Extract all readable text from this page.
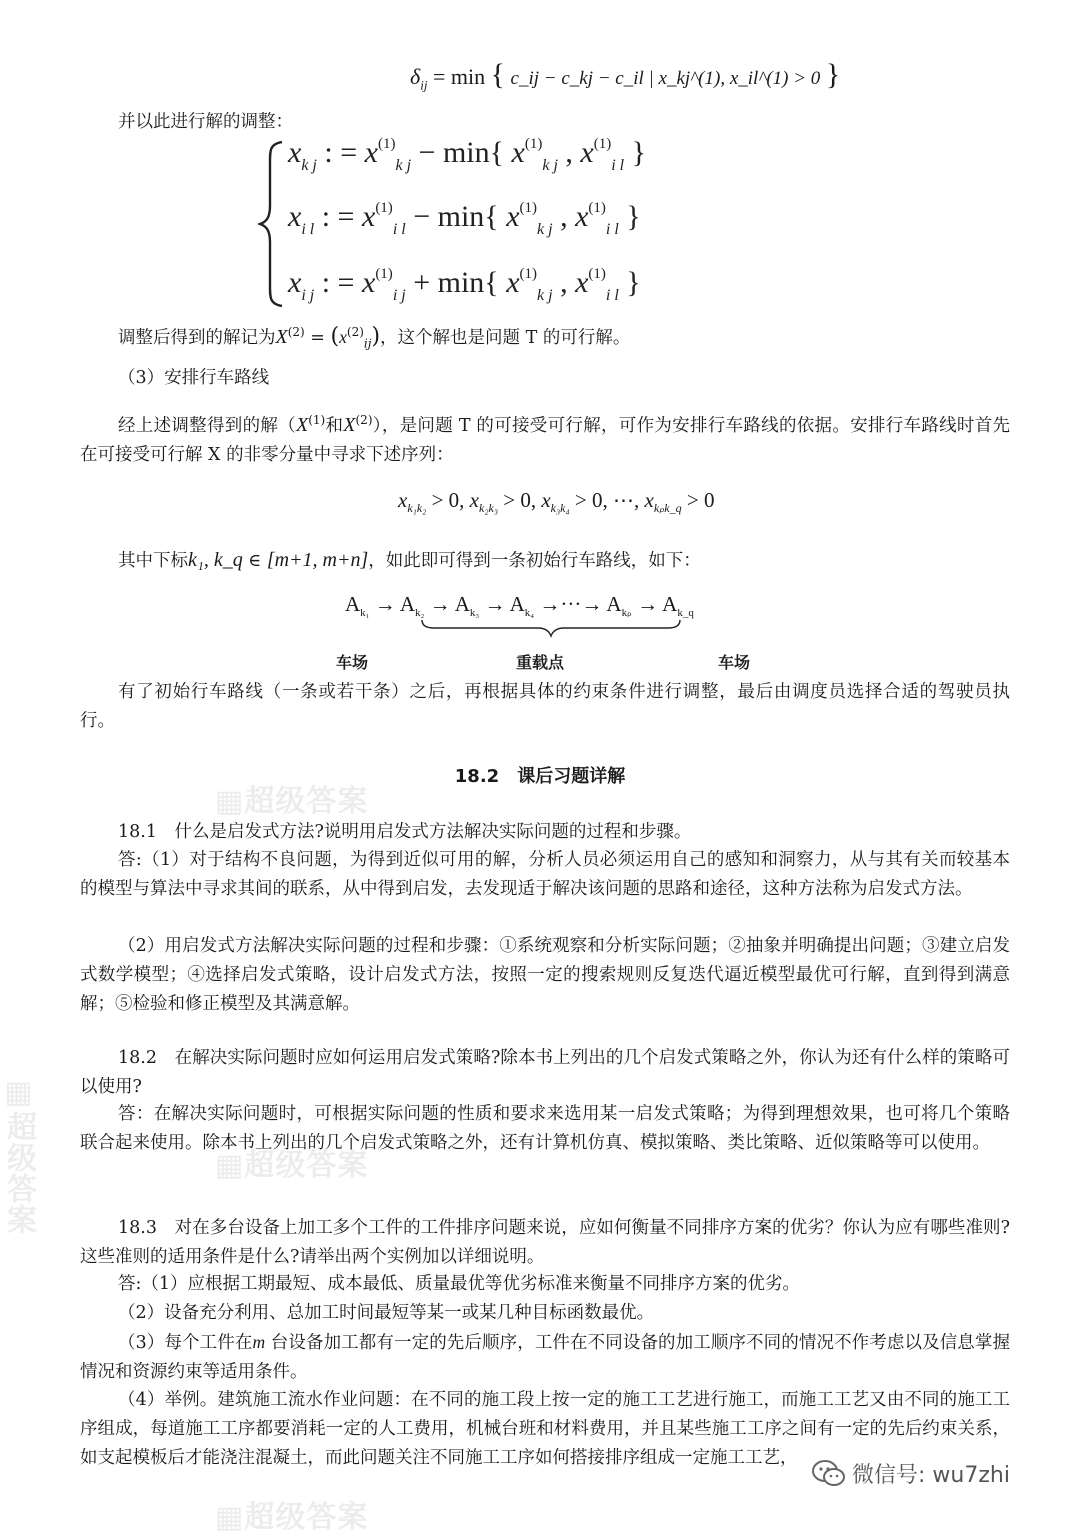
▦超级答案
▦超级答案
▦超级答案
▦超级答案
$\delta_{ij} = \min$ { c_ij − c_kj − c_il | x_kj^(1), x_il^(1) > 0 }

并以此进行解的调整：

$x_{k j}$ : = $x^{(1)}_{k j} - \min${ $x^{(1)}_{k j}$ , $x^{(1)}_{i l}$ }
$x_{i l}$ : = $x^{(1)}_{i l} - \min${ $x^{(1)}_{k j}$ , $x^{(1)}_{i l}$ }
$x_{i j}$ : = $x^{(1)}_{i j} + \min${ $x^{(1)}_{k j}$ , $x^{(1)}_{i l}$ }

调整后得到的解记为$X^{(2)} = (x^{(2)}_{ij})$，这个解也是问题 T 的可行解。

（3）安排行车路线

经上述调整得到的解（$X^{(1)}$和$X^{(2)}$），是问题 T 的可接受可行解，可作为安排行车路线的依据。安排行车路线时首先在可接受可行解 X 的非零分量中寻求下述序列：

$x_{k_1k_2} > 0$, $x_{k_2k_3} > 0$, $x_{k_3k_4} > 0$, ⋯, $x_{k_pk\_q} > 0$

其中下标k₁, k_q ∈ [m+1, m+n]，如此即可得到一条初始行车路线，如下：

$A_{k_1} \to A_{k_2} \to A_{k_3} \to A_{k_4}$ →···→ $A_{k_p} \to A_{k\_q}$
车场	重载点	车场

有了初始行车路线（一条或若干条）之后，再根据具体的约束条件进行调整，最后由调度员选择合适的驾驶员执行。

18.2　课后习题详解

18.1　什么是启发式方法?说明用启发式方法解决实际问题的过程和步骤。

答:（1）对于结构不良问题，为得到近似可用的解，分析人员必须运用自己的感知和洞察力，从与其有关而较基本的模型与算法中寻求其间的联系，从中得到启发，去发现适于解决该问题的思路和途径，这种方法称为启发式方法。

（2）用启发式方法解决实际问题的过程和步骤：①系统观察和分析实际问题；②抽象并明确提出问题；③建立启发式数学模型；④选择启发式策略，设计启发式方法，按照一定的搜索规则反复迭代逼近模型最优可行解，直到得到满意解；⑤检验和修正模型及其满意解。

18.2　在解决实际问题时应如何运用启发式策略?除本书上列出的几个启发式策略之外，你认为还有什么样的策略可以使用?

答：在解决实际问题时，可根据实际问题的性质和要求来选用某一启发式策略；为得到理想效果，也可将几个策略联合起来使用。除本书上列出的几个启发式策略之外，还有计算机仿真、模拟策略、类比策略、近似策略等可以使用。

18.3　对在多台设备上加工多个工件的工件排序问题来说，应如何衡量不同排序方案的优劣？你认为应有哪些准则?这些准则的适用条件是什么?请举出两个实例加以详细说明。

答:（1）应根据工期最短、成本最低、质量最优等优劣标准来衡量不同排序方案的优劣。

（2）设备充分利用、总加工时间最短等某一或某几种目标函数最优。

（3）每个工件在m 台设备加工都有一定的先后顺序，工件在不同设备的加工顺序不同的情况不作考虑以及信息掌握情况和资源约束等适用条件。

（4）举例。建筑施工流水作业问题：在不同的施工段上按一定的施工工艺进行施工，而施工工艺又由不同的施工工序组成，每道施工工序都要消耗一定的人工费用，机械台班和材料费用，并且某些施工工序之间有一定的先后约束关系，如支起模板后才能浇注混凝土，而此问题关注不同施工工序如何搭接排序组成一定施工工艺，

微信号: wu7zhi
